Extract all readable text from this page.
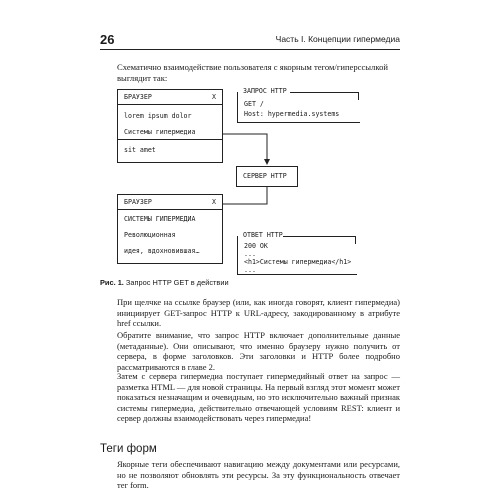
26	Часть I. Концепции гипермедиа
Схематично взаимодействие пользователя с якорным тегом/гиперссылкой выглядит так:
БРАУЗЕР	X
lorem ipsum dolor
Системы гипермедиа
sit amet
ЗАПРОС HTTP
GET /
Host: hypermedia.systems
СЕРВЕР HTTP
БРАУЗЕР	X
СИСТЕМЫ ГИПЕРМЕДИА
Революционная
идея, вдохновившая…
ОТВЕТ HTTP
200 OK
...
<h1>Системы гипермедиа</h1>
...
Рис. 1. Запрос HTTP GET в действии
При щелчке на ссылке браузер (или, как иногда говорят, клиент гипермедиа) инициирует GET-запрос HTTP к URL-адресу, закодированному в атрибуте href ссылки.
Обратите внимание, что запрос HTTP включает дополнительные данные (метаданные). Они описывают, что именно браузеру нужно получить от сервера, в форме заголовков. Эти заголовки и HTTP более подробно рассматриваются в главе 2.
Затем с сервера гипермедиа поступает гипермедийный ответ на запрос — разметка HTML — для новой страницы. На первый взгляд этот момент может показаться незначащим и очевидным, но это исключительно важный признак системы гипермедиа, действительно отвечающей условиям REST: клиент и сервер должны взаимодействовать через гипермедиа!
Теги форм
Якорные теги обеспечивают навигацию между документами или ресурсами, но не позволяют обновлять эти ресурсы. За эту функциональность отвечает тег form.
